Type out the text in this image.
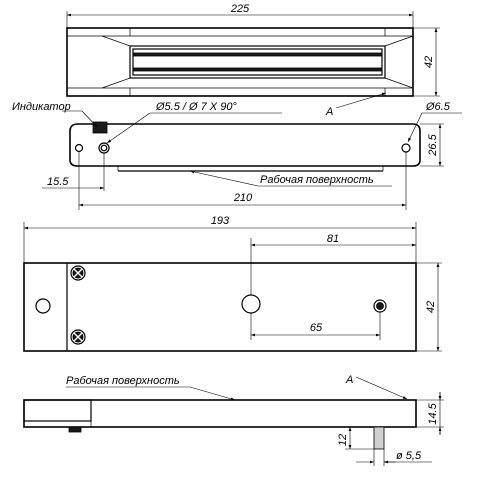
225
42
A
Индикатор	Ø5.5 / Ø 7 X 90°	Ø6.5
26.5
15.5
210
Рабочая поверхность
193
81
42
65
Рабочая поверхность	A
14.5
12
ø 5,5
